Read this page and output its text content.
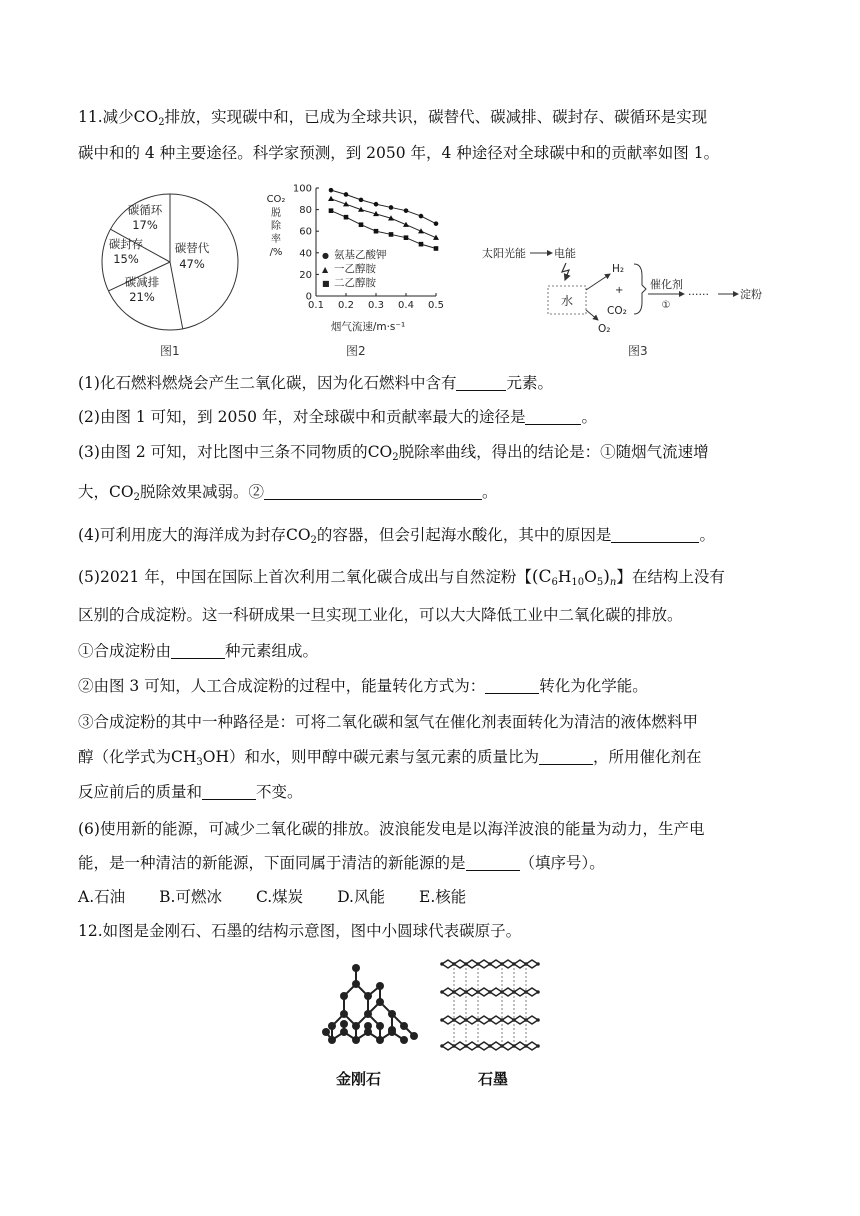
11.减少$CO_2$排放，实现碳中和，已成为全球共识，碳替代、碳减排、碳封存、碳循环是实现
碳中和的 4 种主要途径。科学家预测，到 2050 年，4 种途径对全球碳中和的贡献率如图 1。
碳替代
47%
碳减排
21%
碳封存
15%
碳循环
17%
图1
CO₂
脱
除
率
/%
100
80
60
40
20
0
0.1 0.2 0.3 0.4 0.5
● 氨基乙酸钾
▲ 一乙醇胺
■ 二乙醇胺
烟气流速/m·s⁻¹
图2
太阳光能	电能
水
O₂
H₂
+
CO₂
催化剂
①
······	淀粉
图3
(1)化石燃料燃烧会产生二氧化碳，因为化石燃料中含有	元素。
(2)由图 1 可知，到 2050 年，对全球碳中和贡献率最大的途径是	。
(3)由图 2 可知，对比图中三条不同物质的$CO_2$脱除率曲线，得出的结论是：①随烟气流速增
大，$CO_2$脱除效果减弱。②	。
(4)可利用庞大的海洋成为封存$CO_2$的容器，但会引起海水酸化，其中的原因是	。
(5)2021 年，中国在国际上首次利用二氧化碳合成出与自然淀粉【$(C_6H_{10}O_5)_n$】在结构上没有
区别的合成淀粉。这一科研成果一旦实现工业化，可以大大降低工业中二氧化碳的排放。
①合成淀粉由	种元素组成。
②由图 3 可知，人工合成淀粉的过程中，能量转化方式为：	转化为化学能。
③合成淀粉的其中一种路径是：可将二氧化碳和氢气在催化剂表面转化为清洁的液体燃料甲
醇（化学式为$CH_3OH$）和水，则甲醇中碳元素与氢元素的质量比为	，所用催化剂在
反应前后的质量和	不变。
(6)使用新的能源，可减少二氧化碳的排放。波浪能发电是以海洋波浪的能量为动力，生产电
能，是一种清洁的新能源，下面同属于清洁的新能源的是	（填序号）。
A.石油 B.可燃冰 C.煤炭 D.风能 E.核能
12.如图是金刚石、石墨的结构示意图，图中小圆球代表碳原子。
金刚石	石墨
